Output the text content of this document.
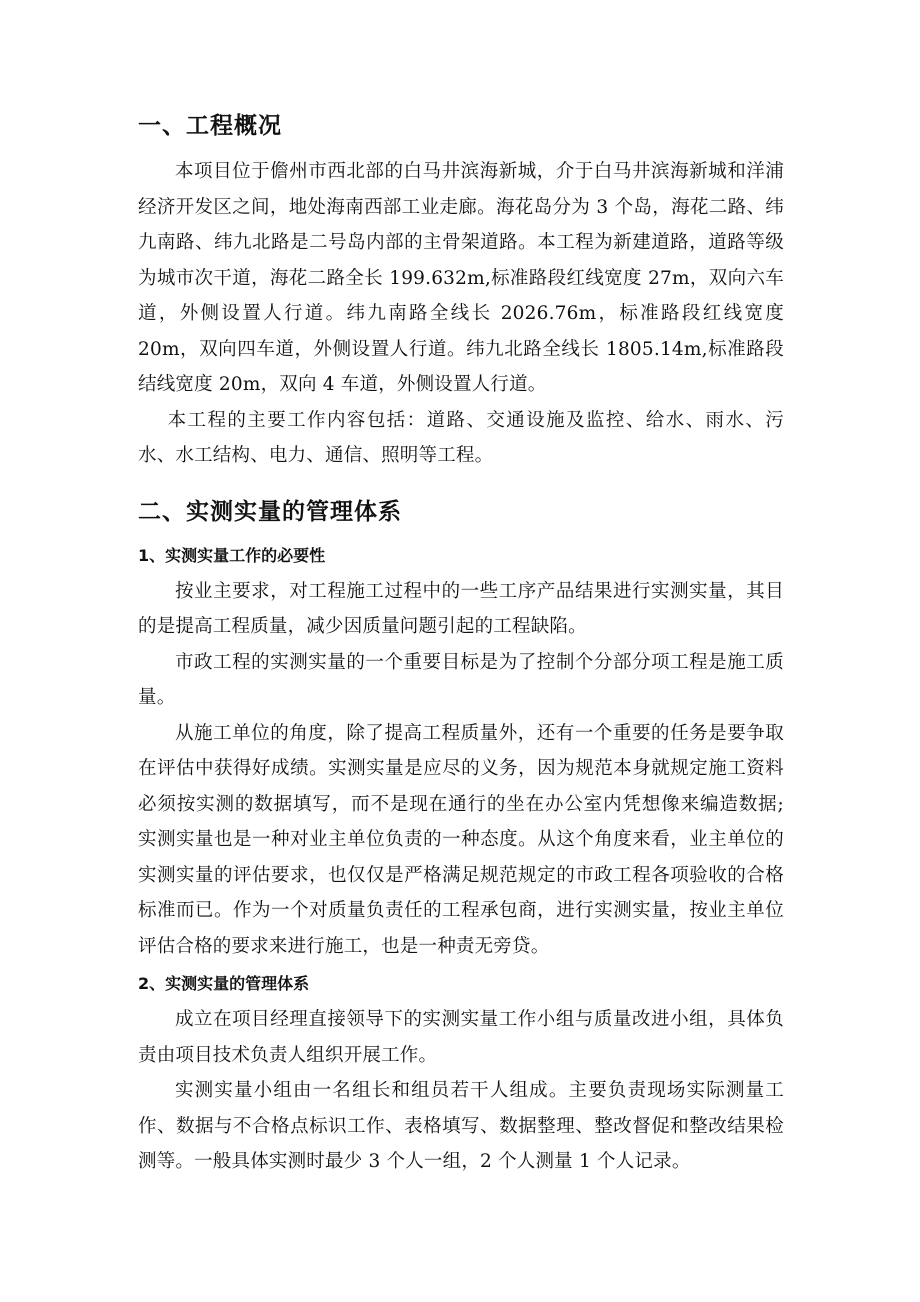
一、工程概况

本项目位于儋州市西北部的白马井滨海新城，介于白马井滨海新城和洋浦经济开发区之间，地处海南西部工业走廊。海花岛分为 3 个岛，海花二路、纬九南路、纬九北路是二号岛内部的主骨架道路。本工程为新建道路，道路等级为城市次干道，海花二路全长 199.632m,标准路段红线宽度 27m，双向六车道，外侧设置人行道。纬九南路全线长 2026.76m，标准路段红线宽度 20m，双向四车道，外侧设置人行道。纬九北路全线长 1805.14m,标准路段结线宽度 20m，双向 4 车道，外侧设置人行道。

本工程的主要工作内容包括：道路、交通设施及监控、给水、雨水、污水、水工结构、电力、通信、照明等工程。

二、实测实量的管理体系
1、实测实量工作的必要性

按业主要求，对工程施工过程中的一些工序产品结果进行实测实量，其目的是提高工程质量，减少因质量问题引起的工程缺陷。

市政工程的实测实量的一个重要目标是为了控制个分部分项工程是施工质量。

从施工单位的角度，除了提高工程质量外，还有一个重要的任务是要争取在评估中获得好成绩。实测实量是应尽的义务，因为规范本身就规定施工资料必须按实测的数据填写，而不是现在通行的坐在办公室内凭想像来编造数据; 实测实量也是一种对业主单位负责的一种态度。从这个角度来看，业主单位的实测实量的评估要求，也仅仅是严格满足规范规定的市政工程各项验收的合格标准而已。作为一个对质量负责任的工程承包商，进行实测实量，按业主单位评估合格的要求来进行施工，也是一种责无旁贷。

2、实测实量的管理体系

成立在项目经理直接领导下的实测实量工作小组与质量改进小组，具体负责由项目技术负责人组织开展工作。

实测实量小组由一名组长和组员若干人组成。主要负责现场实际测量工作、数据与不合格点标识工作、表格填写、数据整理、整改督促和整改结果检测等。一般具体实测时最少 3 个人一组，2 个人测量 1 个人记录。
